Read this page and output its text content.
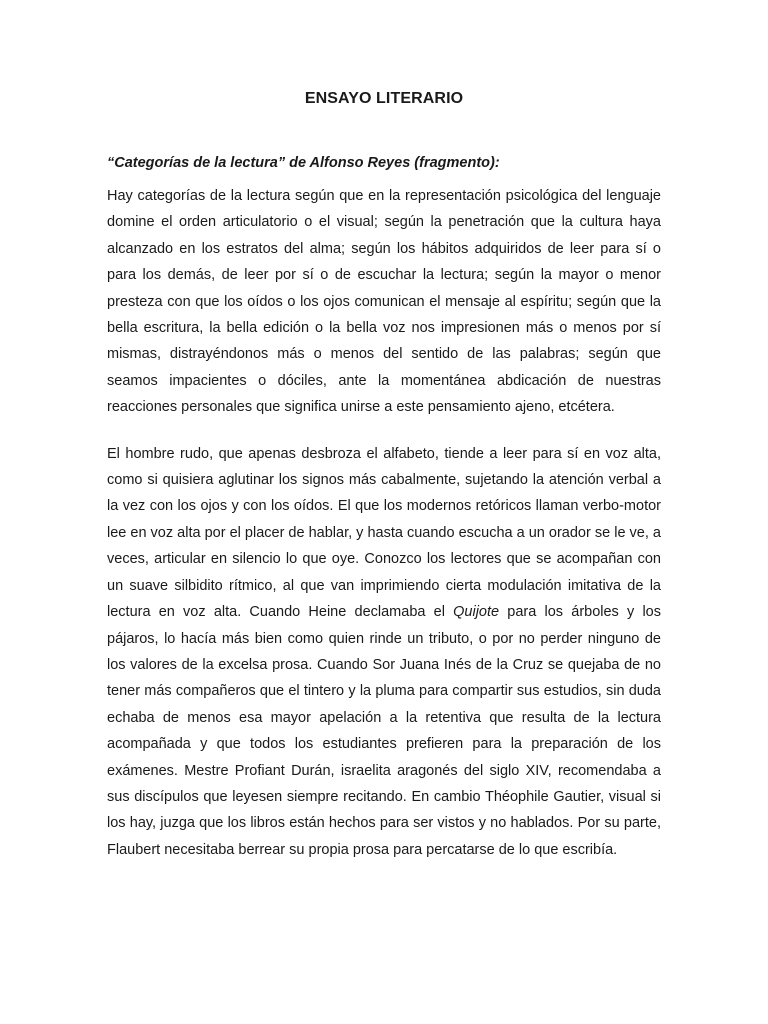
ENSAYO LITERARIO

“Categorías de la lectura” de Alfonso Reyes (fragmento):

Hay categorías de la lectura según que en la representación psicológica del lenguaje domine el orden articulatorio o el visual; según la penetración que la cultura haya alcanzado en los estratos del alma; según los hábitos adquiridos de leer para sí o para los demás, de leer por sí o de escuchar la lectura; según la mayor o menor presteza con que los oídos o los ojos comunican el mensaje al espíritu; según que la bella escritura, la bella edición o la bella voz nos impresionen más o menos por sí mismas, distrayéndonos más o menos del sentido de las palabras; según que seamos impacientes o dóciles, ante la momentánea abdicación de nuestras reacciones personales que significa unirse a este pensamiento ajeno, etcétera.

El hombre rudo, que apenas desbroza el alfabeto, tiende a leer para sí en voz alta, como si quisiera aglutinar los signos más cabalmente, sujetando la atención verbal a la vez con los ojos y con los oídos. El que los modernos retóricos llaman verbo-motor lee en voz alta por el placer de hablar, y hasta cuando escucha a un orador se le ve, a veces, articular en silencio lo que oye. Conozco los lectores que se acompañan con un suave silbidito rítmico, al que van imprimiendo cierta modulación imitativa de la lectura en voz alta. Cuando Heine declamaba el Quijote para los árboles y los pájaros, lo hacía más bien como quien rinde un tributo, o por no perder ninguno de los valores de la excelsa prosa. Cuando Sor Juana Inés de la Cruz se quejaba de no tener más compañeros que el tintero y la pluma para compartir sus estudios, sin duda echaba de menos esa mayor apelación a la retentiva que resulta de la lectura acompañada y que todos los estudiantes prefieren para la preparación de los exámenes. Mestre Profiant Durán, israelita aragonés del siglo XIV, recomendaba a sus discípulos que leyesen siempre recitando. En cambio Théophile Gautier, visual si los hay, juzga que los libros están hechos para ser vistos y no hablados. Por su parte, Flaubert necesitaba berrear su propia prosa para percatarse de lo que escribía.
